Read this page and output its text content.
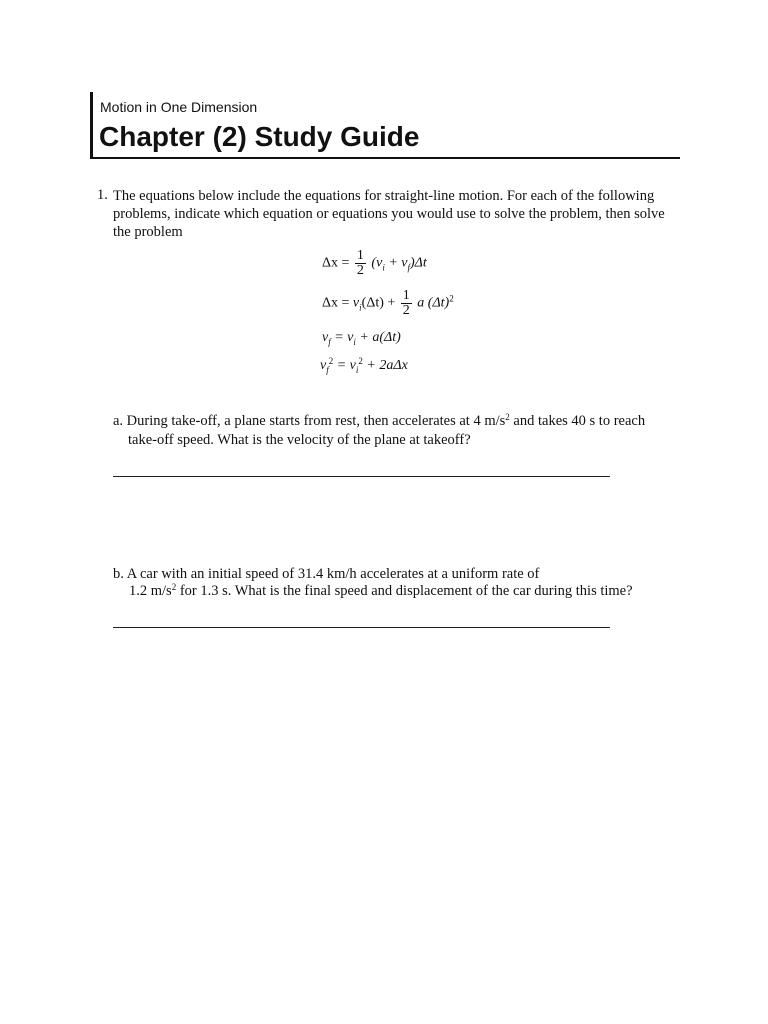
Motion in One Dimension
Chapter (2) Study Guide
1. The equations below include the equations for straight-line motion. For each of the following problems, indicate which equation or equations you would use to solve the problem, then solve the problem
$\Delta x = \frac{1}{2} (v_i + v_f)\Delta t$
$\Delta x = v_i(\Delta t) + \frac{1}{2}$ a $(\Delta t)^2$
$v_f = v_i + a(\Delta t)$
$v_f^2 = v_i^2 + 2a\Delta x$
a. During take-off, a plane starts from rest, then accelerates at 4 $m/s^2$ and takes 40 s to reach
take-off speed. What is the velocity of the plane at takeoff?
b. A car with an initial speed of 31.4 km/h accelerates at a uniform rate of
1.2 $m/s^2$ for 1.3 s. What is the final speed and displacement of the car during this time?
